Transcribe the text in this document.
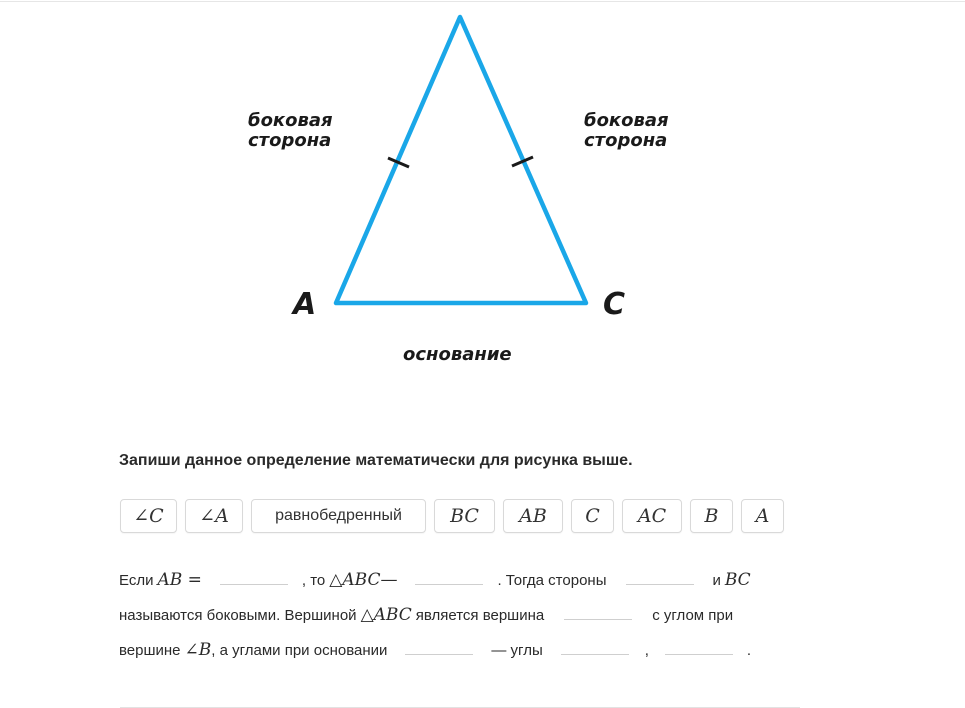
боковая
сторона
боковая
сторона
A	C
основание
Запиши данное определение математически для рисунка выше.
∠C	∠A	равнобедренный	BC	AB	C	AC	B	A
Если AB =	, то △ABC—	. Тогда стороны	и BC
называются боковыми. Вершиной △ABC является вершина	с углом при
вершине ∠B , а углами при основании	— углы	,	.
